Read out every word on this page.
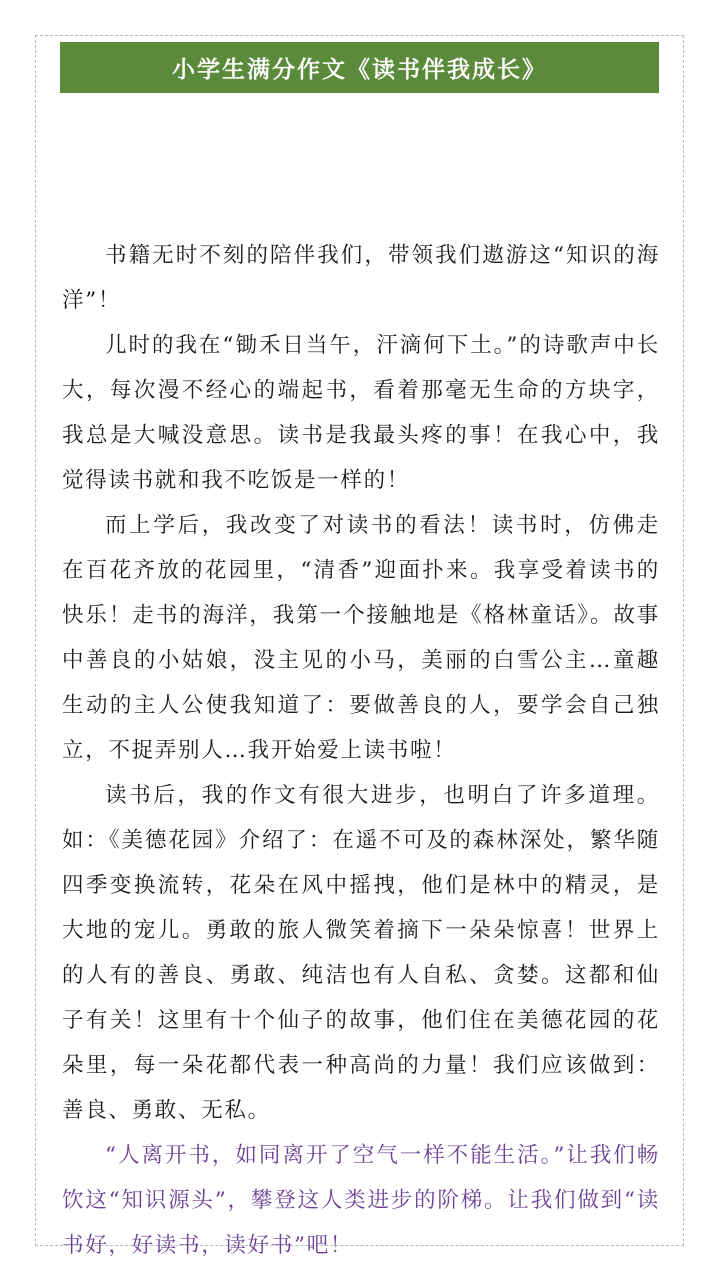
小学生满分作文《读书伴我成长》

书籍无时不刻的陪伴我们，带领我们遨游这“知识的海洋”！

儿时的我在“锄禾日当午，汗滴何下土。”的诗歌声中长大，每次漫不经心的端起书，看着那毫无生命的方块字，我总是大喊没意思。读书是我最头疼的事！在我心中，我觉得读书就和我不吃饭是一样的！

而上学后，我改变了对读书的看法！读书时，仿佛走在百花齐放的花园里，“清香”迎面扑来。我享受着读书的快乐！走书的海洋，我第一个接触地是《格林童话》。故事中善良的小姑娘，没主见的小马，美丽的白雪公主…童趣生动的主人公使我知道了：要做善良的人，要学会自己独立，不捉弄别人…我开始爱上读书啦！

读书后，我的作文有很大进步，也明白了许多道理。如：《美德花园》介绍了：在遥不可及的森林深处，繁华随四季变换流转，花朵在风中摇拽，他们是林中的精灵，是大地的宠儿。勇敢的旅人微笑着摘下一朵朵惊喜！世界上的人有的善良、勇敢、纯洁也有人自私、贪婪。这都和仙子有关！这里有十个仙子的故事，他们住在美德花园的花朵里，每一朵花都代表一种高尚的力量！我们应该做到：善良、勇敢、无私。

“人离开书，如同离开了空气一样不能生活。”让我们畅饮这“知识源头”，攀登这人类进步的阶梯。让我们做到“读书好，好读书，读好书”吧！
